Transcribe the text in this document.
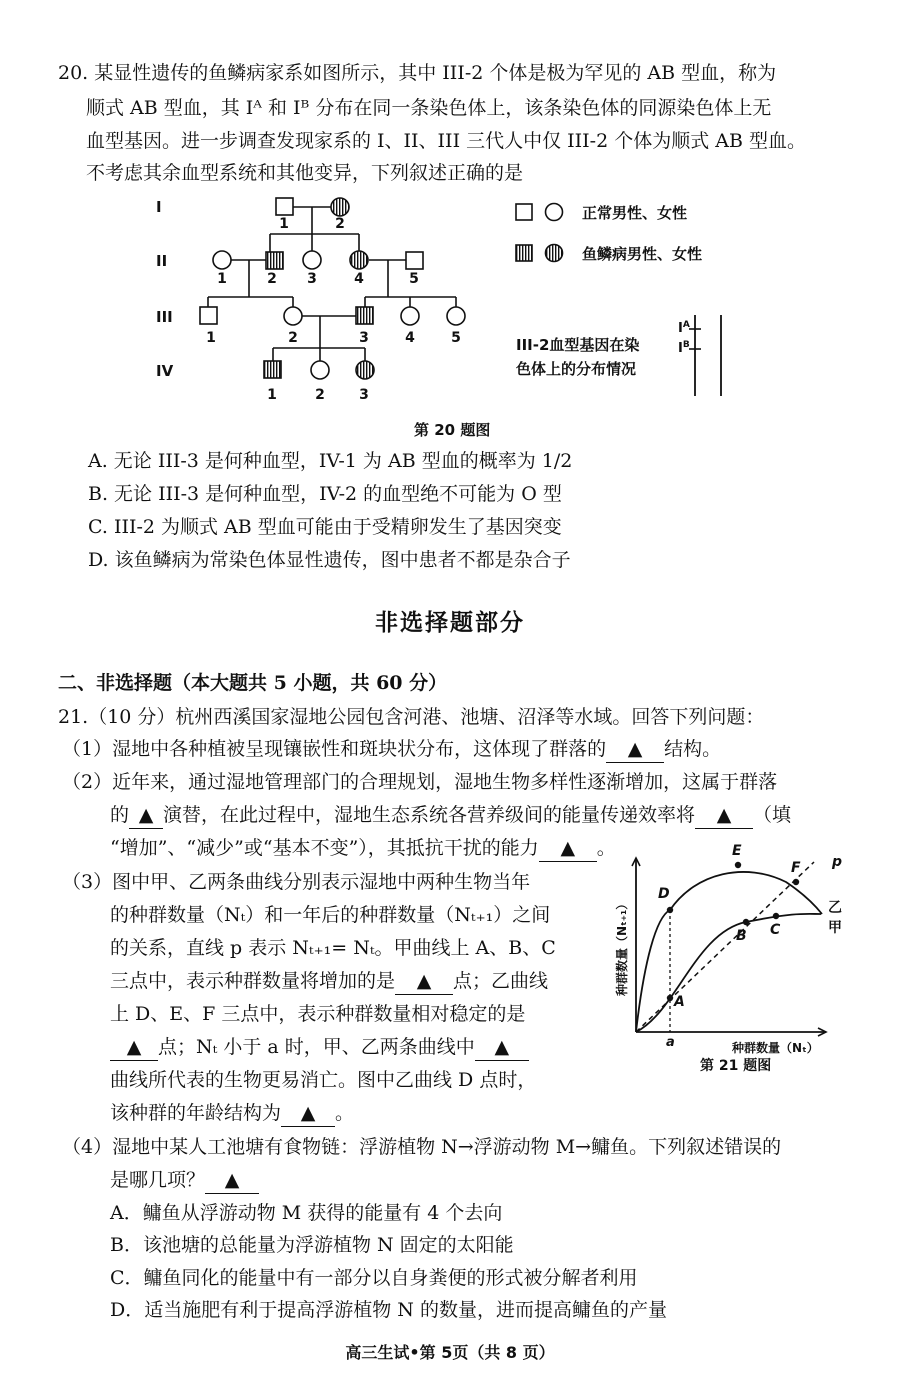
20. 某显性遗传的鱼鳞病家系如图所示，其中 III-2 个体是极为罕见的 AB 型血，称为
顺式 AB 型血，其 Iᴬ 和 Iᴮ 分布在同一条染色体上，该条染色体的同源染色体上无
血型基因。进一步调查发现家系的 I、II、III 三代人中仅 III-2 个体为顺式 AB 型血。
不考虑其余血型系统和其他变异，下列叙述正确的是
I
II
III
IV
1	2
1	2 3	4	5
1	2	3	4	5
1	2 3
正常男性、女性
鱼鳞病男性、女性
III-2血型基因在染
色体上的分布情况
$I^A$
$I^B$
第 20 题图
A. 无论 III-3 是何种血型，IV-1 为 AB 型血的概率为 1/2
B. 无论 III-3 是何种血型，IV-2 的血型绝不可能为 O 型
C. III-2 为顺式 AB 型血可能由于受精卵发生了基因突变
D. 该鱼鳞病为常染色体显性遗传，图中患者不都是杂合子
非选择题部分
二、非选择题（本大题共 5 小题，共 60 分）
21.（10 分）杭州西溪国家湿地公园包含河港、池塘、沼泽等水域。回答下列问题：
（1）湿地中各种植被呈现镶嵌性和斑块状分布，这体现了群落的 ▲ 结构。
（2）近年来，通过湿地管理部门的合理规划，湿地生物多样性逐渐增加，这属于群落
的 ▲ 演替，在此过程中，湿地生态系统各营养级间的能量传递效率将 ▲ （填
“增加”、“减少”或“基本不变”），其抵抗干扰的能力 ▲ 。
（3）图中甲、乙两条曲线分别表示湿地中两种生物当年
的种群数量（Nₜ）和一年后的种群数量（Nₜ₊₁）之间
的关系，直线 p 表示 Nₜ₊₁= Nₜ。甲曲线上 A、B、C
三点中，表示种群数量将增加的是 ▲ 点；乙曲线
上 D、E、F 三点中，表示种群数量相对稳定的是
▲ 点；Nₜ 小于 a 时，甲、乙两条曲线中 ▲
曲线所代表的生物更易消亡。图中乙曲线 D 点时，
该种群的年龄结构为 ▲ 。
A
B C
D
E
F p
乙
甲
a	种群数量（Nₜ）
种群数量（Nₜ₊₁）
第 21 题图
（4）湿地中某人工池塘有食物链：浮游植物 N→浮游动物 M→鳙鱼。下列叙述错误的
是哪几项？ ▲
A．鳙鱼从浮游动物 M 获得的能量有 4 个去向
B．该池塘的总能量为浮游植物 N 固定的太阳能
C．鳙鱼同化的能量中有一部分以自身粪便的形式被分解者利用
高三生试•第 5页（共 8 页）
D．适当施肥有利于提高浮游植物 N 的数量，进而提高鳙鱼的产量
